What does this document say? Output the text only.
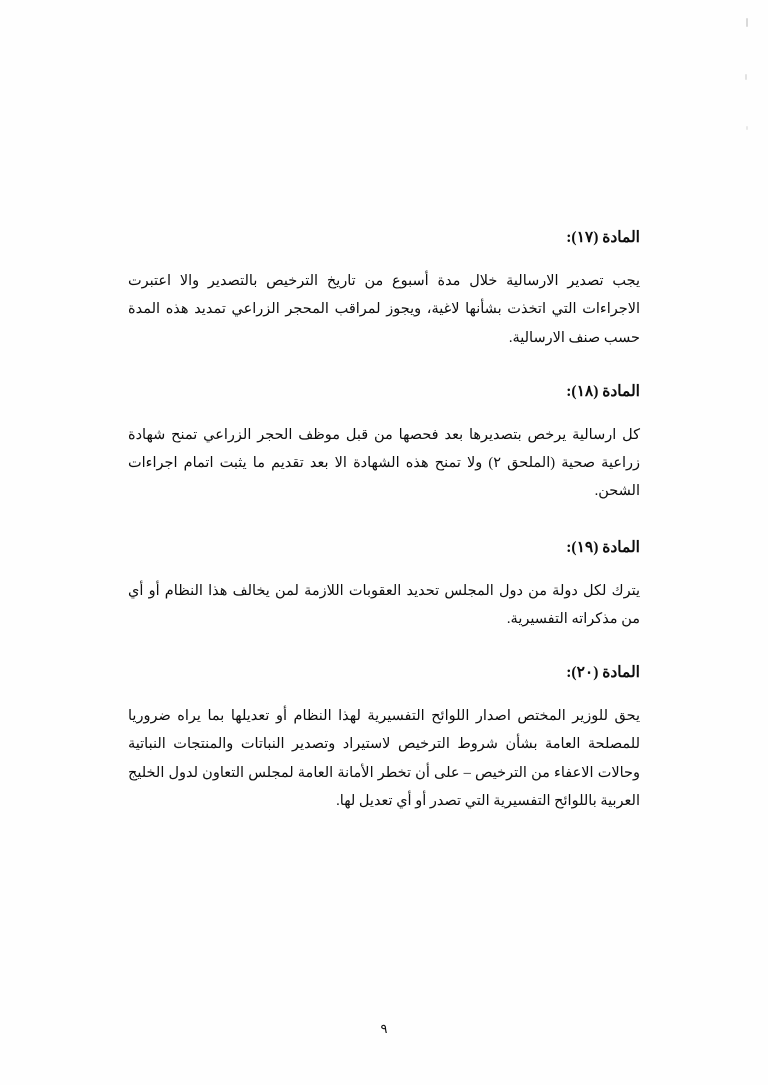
المادة (١٧):

يجب تصدير الارسالية خلال مدة أسبوع من تاريخ الترخيص بالتصدير والا اعتبرت الاجراءات التي اتخذت بشأنها لاغية، ويجوز لمراقب المحجر الزراعي تمديد هذه المدة حسب صنف الارسالية.

المادة (١٨):

كل ارسالية يرخص بتصديرها بعد فحصها من قبل موظف الحجر الزراعي تمنح شهادة زراعية صحية (الملحق ٢) ولا تمنح هذه الشهادة الا بعد تقديم ما يثبت اتمام اجراءات الشحن.

المادة (١٩):

يترك لكل دولة من دول المجلس تحديد العقوبات اللازمة لمن يخالف هذا النظام أو أي من مذكراته التفسيرية.

المادة (٢٠):

يحق للوزير المختص اصدار اللوائح التفسيرية لهذا النظام أو تعديلها بما يراه ضروريا للمصلحة العامة بشأن شروط الترخيص لاستيراد وتصدير النباتات والمنتجات النباتية وحالات الاعفاء من الترخيص – على أن تخطر الأمانة العامة لمجلس التعاون لدول الخليج العربية باللوائح التفسيرية التي تصدر أو أي تعديل لها.

٩
